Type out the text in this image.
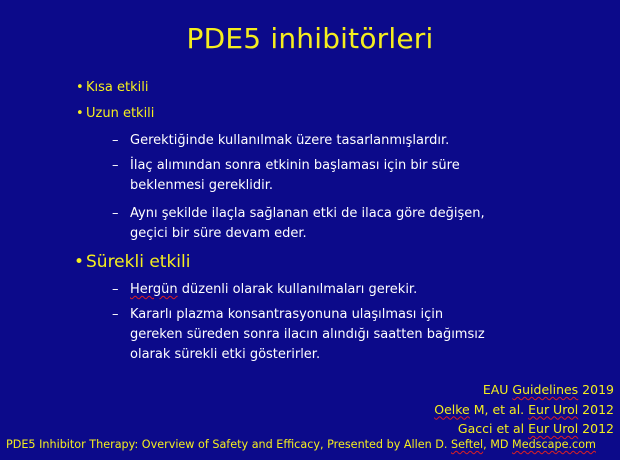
PDE5 inhibitörleri
• Kısa etkili
• Uzun etkili
– Gerektiğinde kullanılmak üzere tasarlanmışlardır.
– İlaç alımından sonra etkinin başlaması için bir süre
beklenmesi gereklidir.
– Aynı şekilde ilaçla sağlanan etki de ilaca göre değişen,
geçici bir süre devam eder.
• Sürekli etkili
– Hergün düzenli olarak kullanılmaları gerekir.
– Kararlı plazma konsantrasyonuna ulaşılması için
gereken süreden sonra ilacın alındığı saatten bağımsız
olarak sürekli etki gösterirler.
EAU Guidelines 2019
Oelke M, et al. Eur Urol 2012
Gacci et al Eur Urol 2012
PDE5 Inhibitor Therapy: Overview of Safety and Efficacy, Presented by Allen D. Seftel, MD Medscape.com
